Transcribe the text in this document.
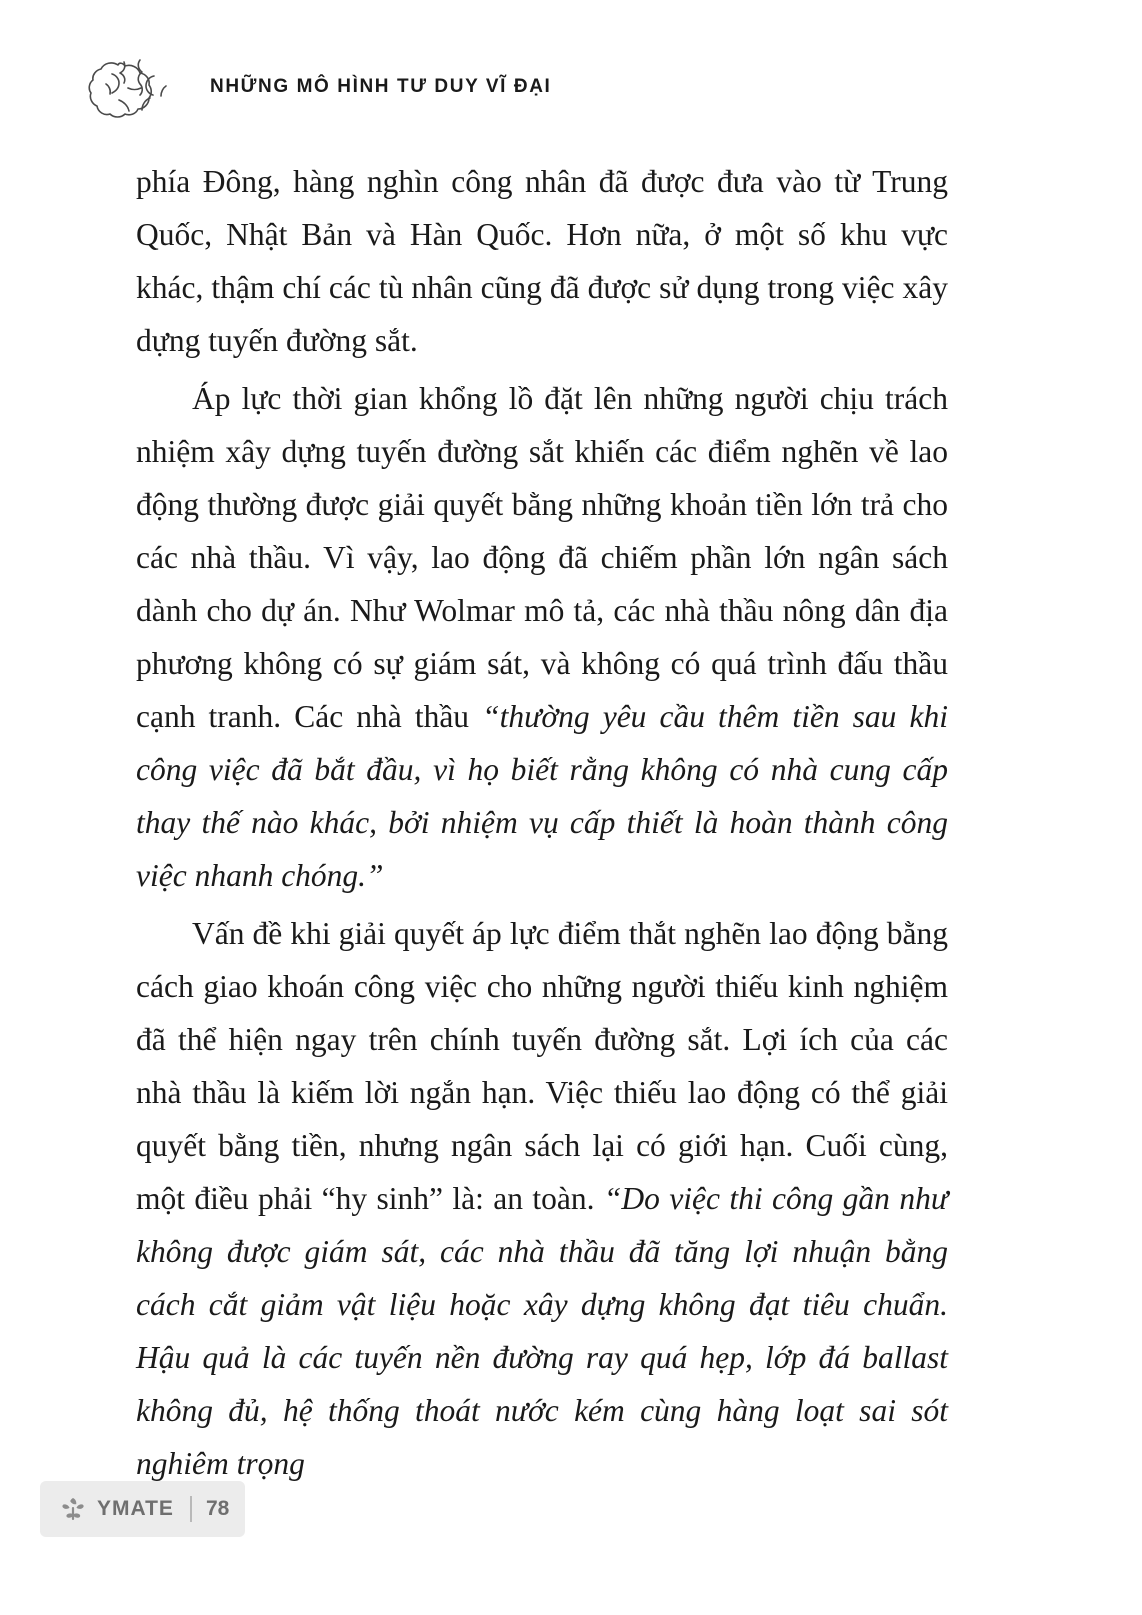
NHỮNG MÔ HÌNH TƯ DUY VĨ ĐẠI

phía Đông, hàng nghìn công nhân đã được đưa vào từ Trung Quốc, Nhật Bản và Hàn Quốc. Hơn nữa, ở một số khu vực khác, thậm chí các tù nhân cũng đã được sử dụng trong việc xây dựng tuyến đường sắt.

Áp lực thời gian khổng lồ đặt lên những người chịu trách nhiệm xây dựng tuyến đường sắt khiến các điểm nghẽn về lao động thường được giải quyết bằng những khoản tiền lớn trả cho các nhà thầu. Vì vậy, lao động đã chiếm phần lớn ngân sách dành cho dự án. Như Wolmar mô tả, các nhà thầu nông dân địa phương không có sự giám sát, và không có quá trình đấu thầu cạnh tranh. Các nhà thầu “thường yêu cầu thêm tiền sau khi công việc đã bắt đầu, vì họ biết rằng không có nhà cung cấp thay thế nào khác, bởi nhiệm vụ cấp thiết là hoàn thành công việc nhanh chóng.”

Vấn đề khi giải quyết áp lực điểm thắt nghẽn lao động bằng cách giao khoán công việc cho những người thiếu kinh nghiệm đã thể hiện ngay trên chính tuyến đường sắt. Lợi ích của các nhà thầu là kiếm lời ngắn hạn. Việc thiếu lao động có thể giải quyết bằng tiền, nhưng ngân sách lại có giới hạn. Cuối cùng, một điều phải “hy sinh” là: an toàn. “Do việc thi công gần như không được giám sát, các nhà thầu đã tăng lợi nhuận bằng cách cắt giảm vật liệu hoặc xây dựng không đạt tiêu chuẩn. Hậu quả là các tuyến nền đường ray quá hẹp, lớp đá ballast không đủ, hệ thống thoát nước kém cùng hàng loạt sai sót nghiêm trọng

YMATE 78
